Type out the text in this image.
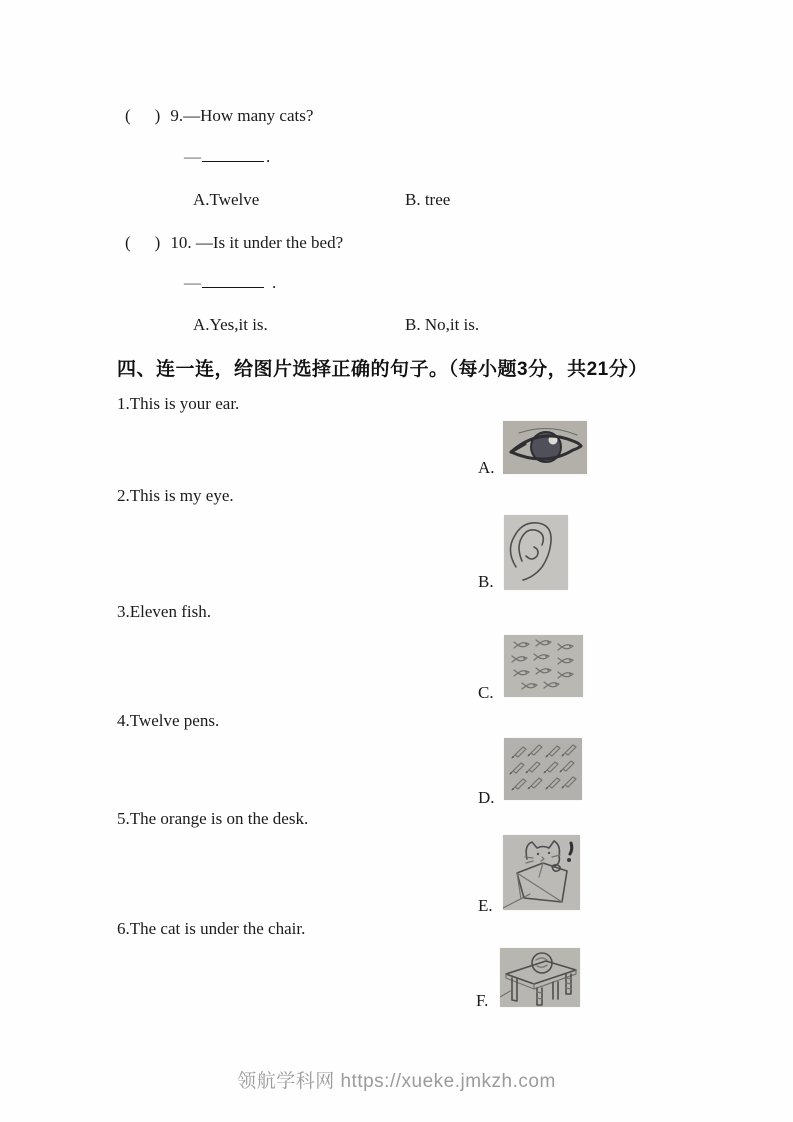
( ) 9.—How many cats?
—	.
A.Twelve	B. tree
( ) 10. —Is it under the bed?
—	.
A.Yes,it is.	B. No,it is.
四、连一连，给图片选择正确的句子。（每小题3分，共21分）
1.This is your ear.
2.This is my eye.
3.Eleven fish.
4.Twelve pens.
5.The orange is on the desk.
6.The cat is under the chair.
A.
B.
C.
D.
E.
F.
领航学科网 https://xueke.jmkzh.com
